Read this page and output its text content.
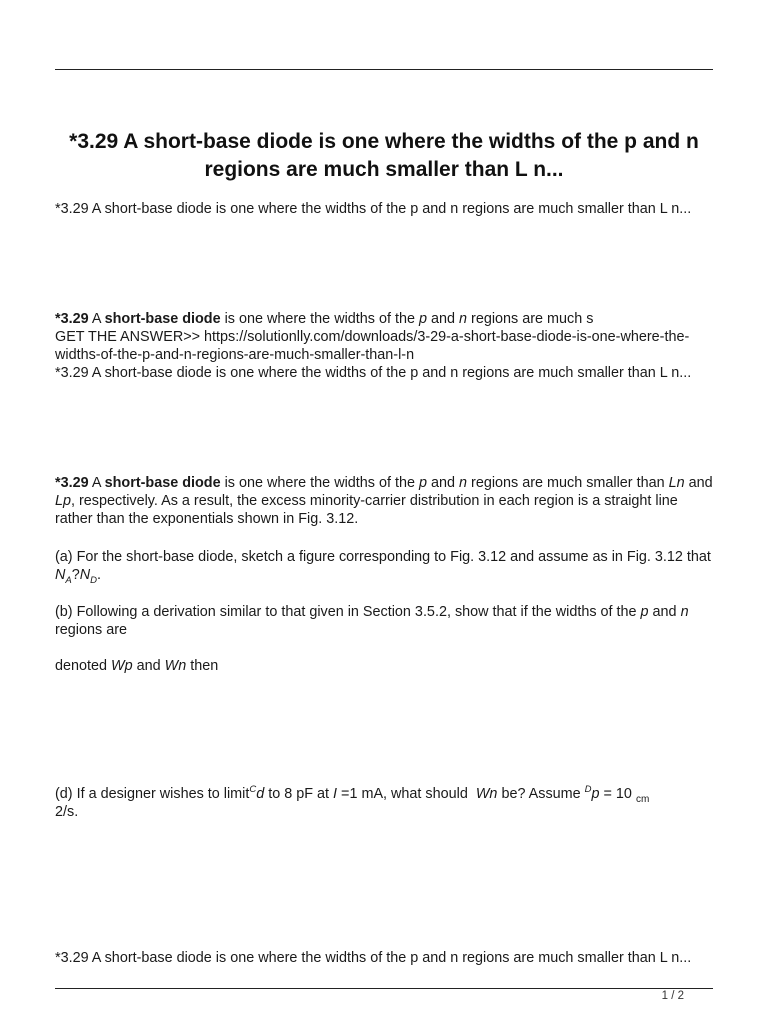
*3.29 A short-base diode is one where the widths of the p and n regions are much smaller than L n...

*3.29 A short-base diode is one where the widths of the p and n regions are much smaller than L n...

*3.29 A short-base diode is one where the widths of the p and n regions are much s
GET THE ANSWER>> https://solutionlly.com/downloads/3-29-a-short-base-diode-is-one-where-the-widths-of-the-p-and-n-regions-are-much-smaller-than-l-n
*3.29 A short-base diode is one where the widths of the p and n regions are much smaller than L n...

*3.29 A short-base diode is one where the widths of the p and n regions are much smaller than Ln and Lp, respectively. As a result, the excess minority-carrier distribution in each region is a straight line rather than the exponentials shown in Fig. 3.12.

(a) For the short-base diode, sketch a figure corresponding to Fig. 3.12 and assume as in Fig. 3.12 that $N_A?N_D$.

(b) Following a derivation similar to that given in Section 3.5.2, show that if the widths of the p and n regions are

denoted Wp and Wn then

(d) If a designer wishes to limit$^C$d to 8 pF at I =1 mA, what should Wn be? Assume $^D$p = 10 $_{cm}$
2/s.

*3.29 A short-base diode is one where the widths of the p and n regions are much smaller than L n...

1 / 2
